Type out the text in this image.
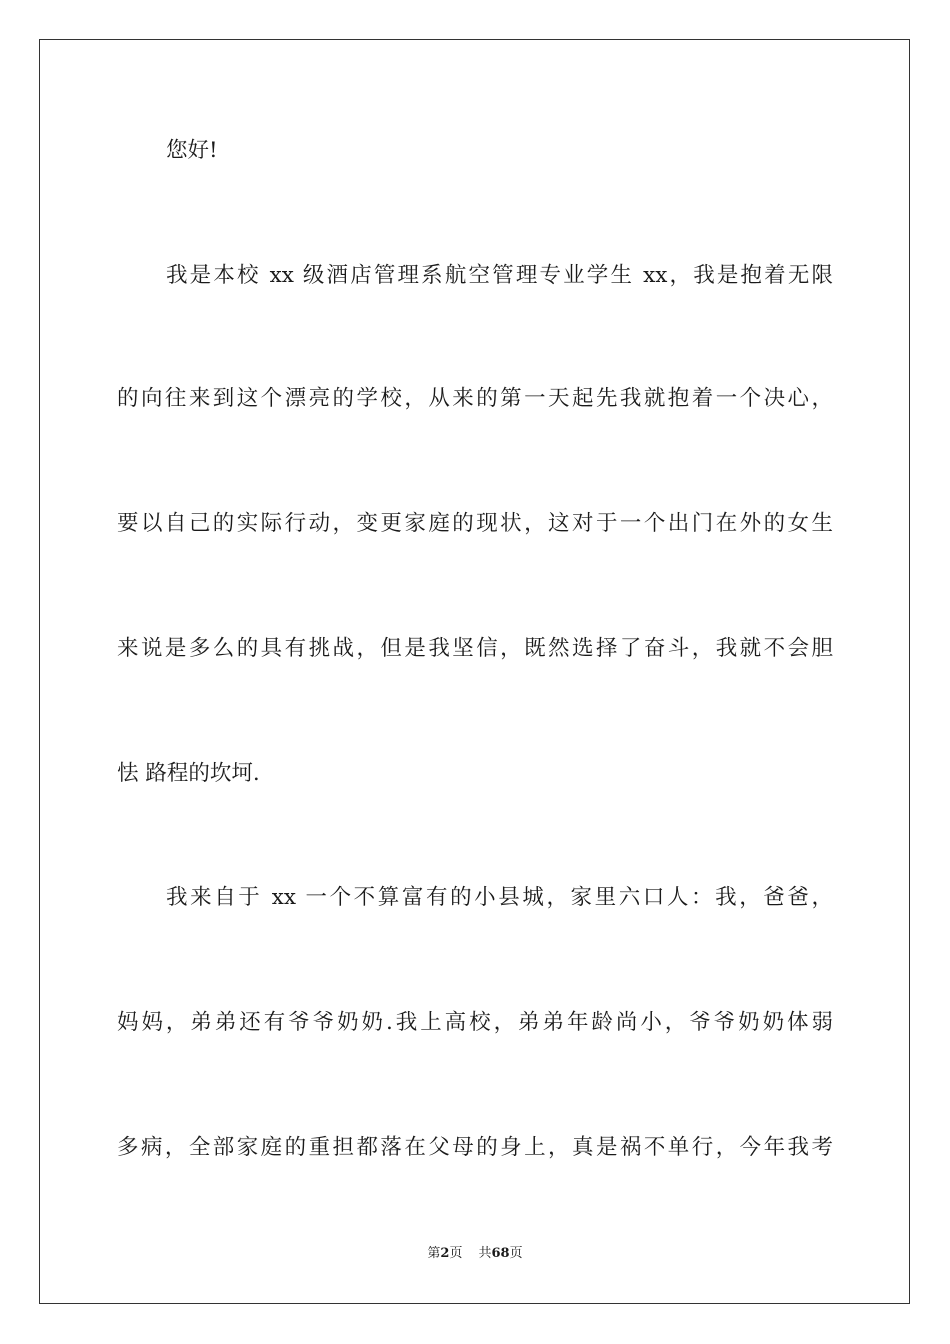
您好!

我是本校 xx 级酒店管理系航空管理专业学生 xx，我是抱着无限

的向往来到这个漂亮的学校，从来的第一天起先我就抱着一个决心，

要以自己的实际行动，变更家庭的现状，这对于一个出门在外的女生

来说是多么的具有挑战，但是我坚信，既然选择了奋斗，我就不会胆

怯 路程的坎坷.

我来自于 xx 一个不算富有的小县城，家里六口人：我，爸爸，

妈妈，弟弟还有爷爷奶奶.我上高校，弟弟年龄尚小，爷爷奶奶体弱

多病，全部家庭的重担都落在父母的身上，真是祸不单行，今年我考

第2页 共68页
